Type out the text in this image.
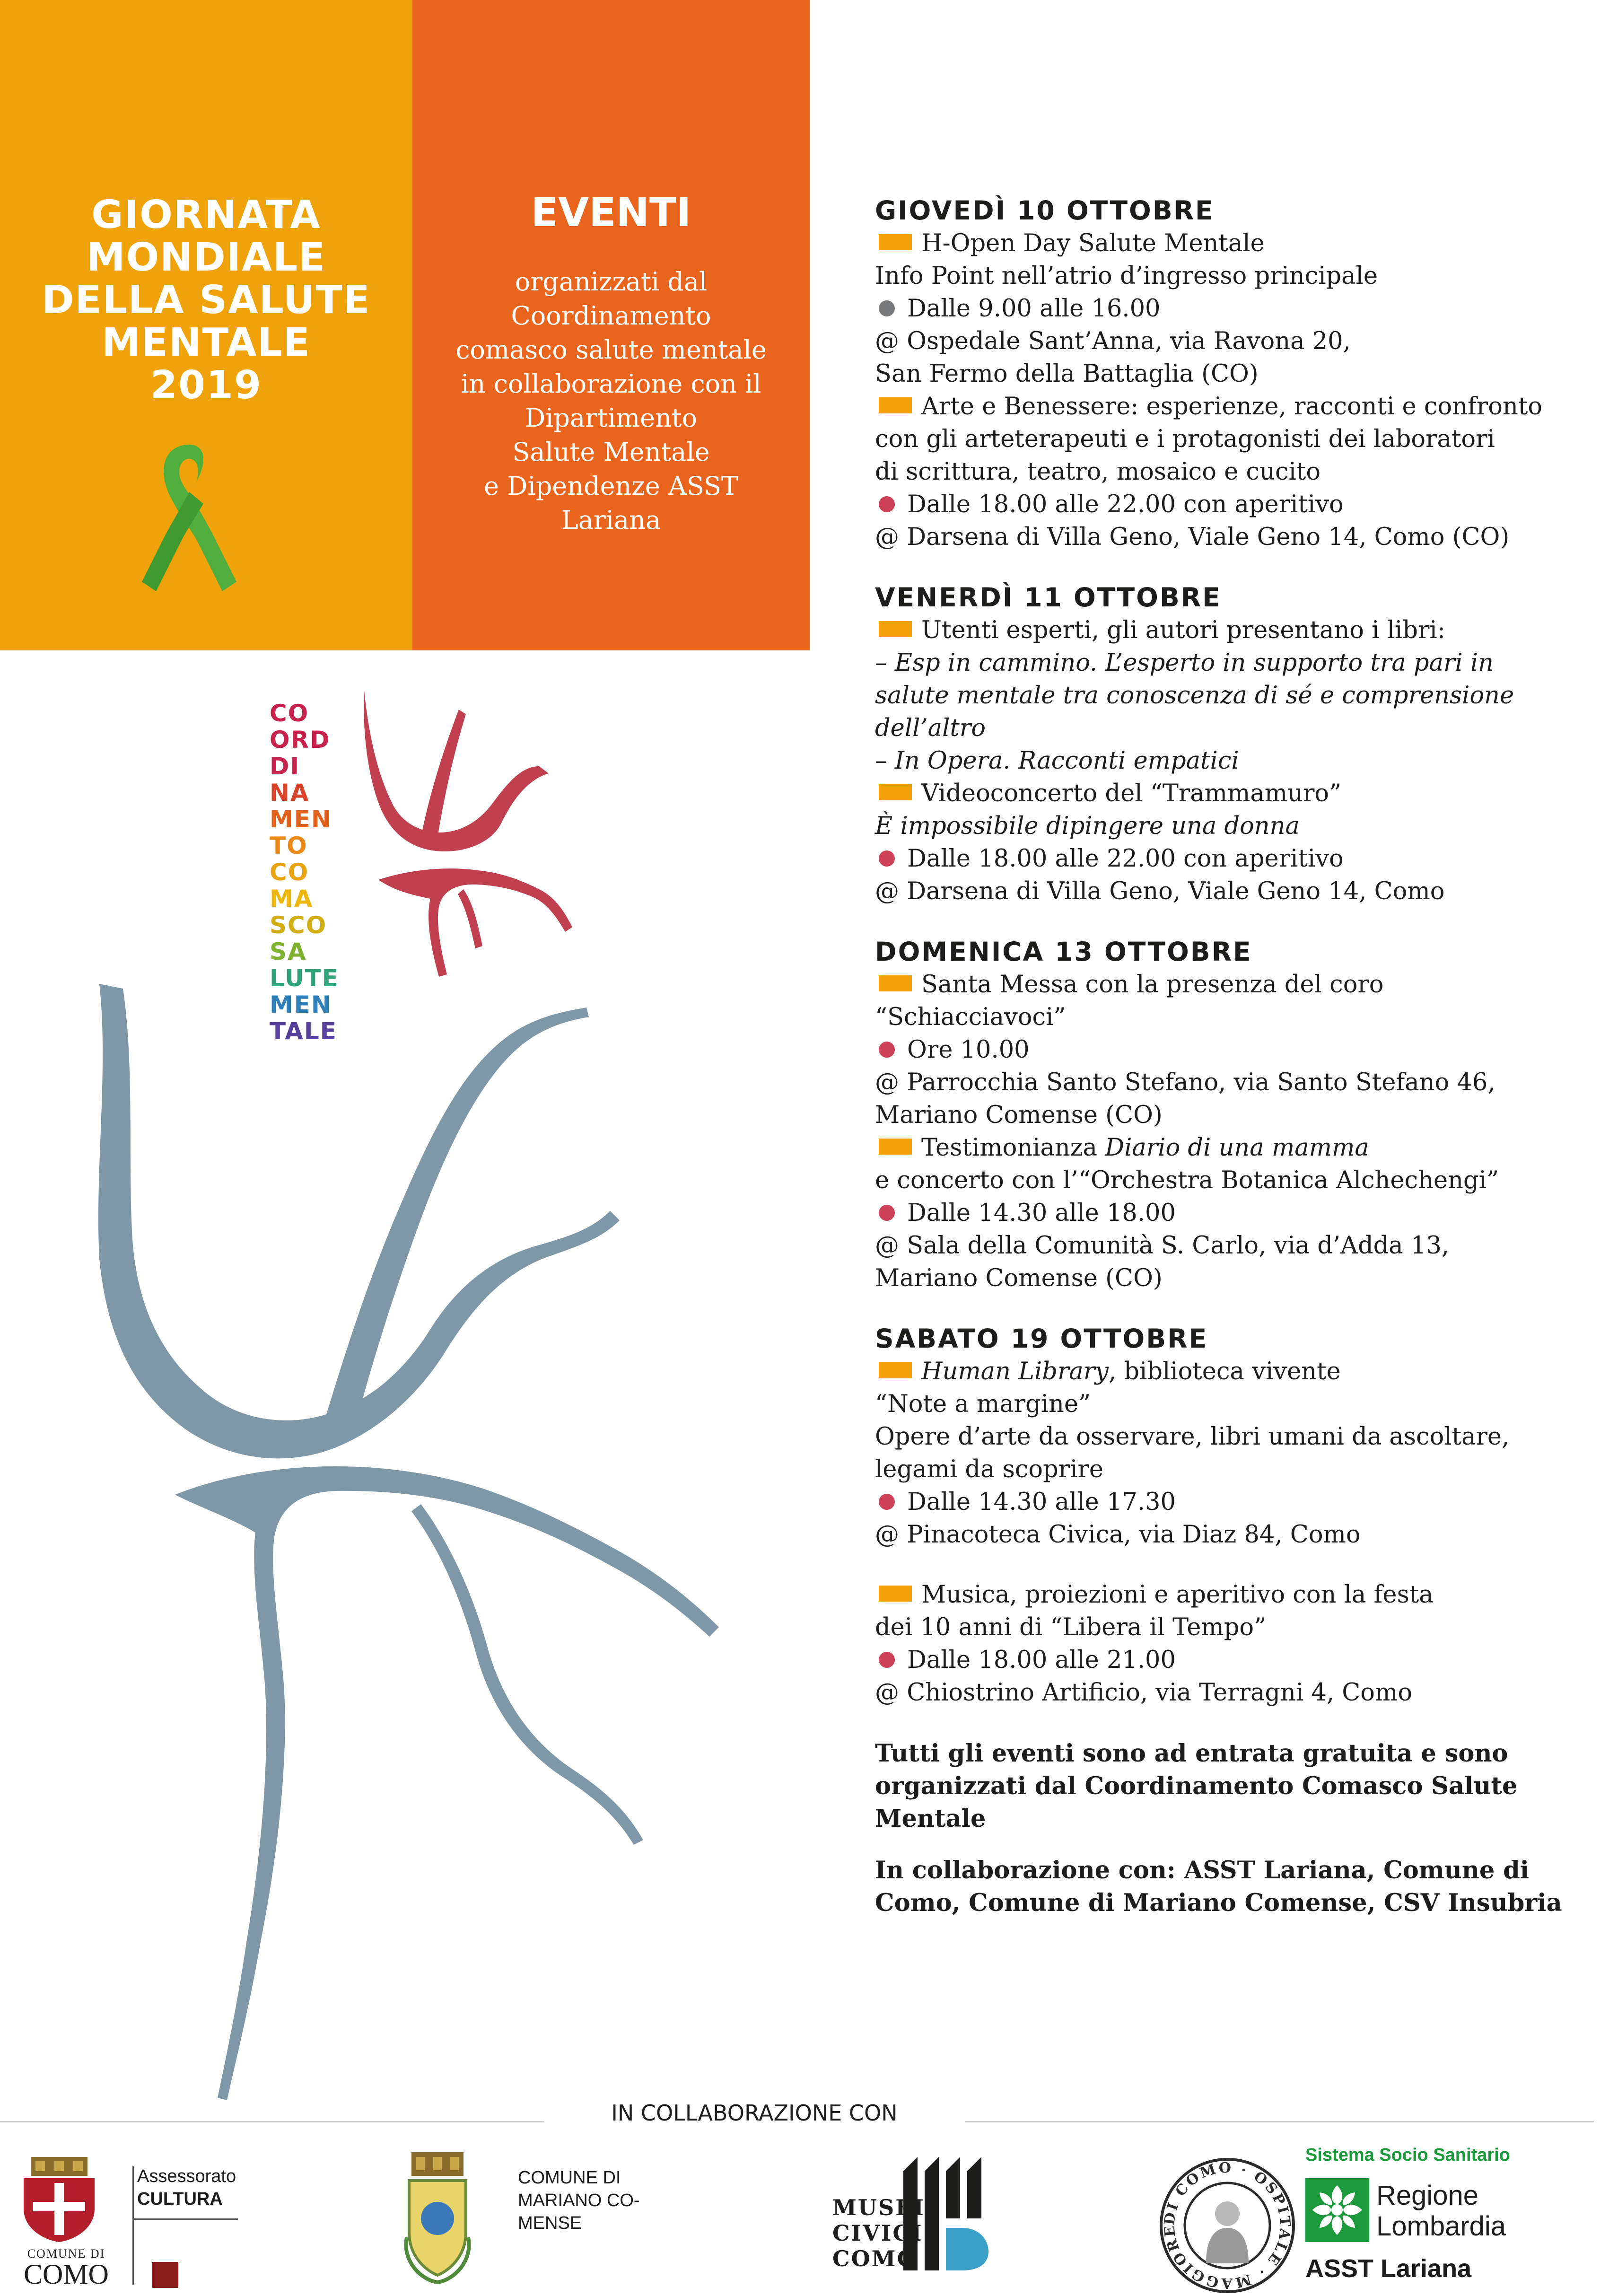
GIORNATA
MONDIALE
DELLA SALUTE
MENTALE
2019
EVENTI
organizzati dal
Coordinamento
comasco salute mentale
in collaborazione con il
Dipartimento
Salute Mentale
e Dipendenze ASST
Lariana
CO
ORD
DI
NA
MEN
TO
CO
MA
SCO
SA
LUTE
MEN
TALE
GIOVEDÌ 10 OTTOBRE
H-Open Day Salute Mentale
Info Point nell’atrio d’ingresso principale
Dalle 9.00 alle 16.00
@ Ospedale Sant’Anna, via Ravona 20,
San Fermo della Battaglia (CO)
Arte e Benessere: esperienze, racconti e confronto
con gli arteterapeuti e i protagonisti dei laboratori
di scrittura, teatro, mosaico e cucito
Dalle 18.00 alle 22.00 con aperitivo
@ Darsena di Villa Geno, Viale Geno 14, Como (CO)
VENERDÌ 11 OTTOBRE
Utenti esperti, gli autori presentano i libri:
– Esp in cammino. L’esperto in supporto tra pari in
salute mentale tra conoscenza di sé e comprensione
dell’altro
– In Opera. Racconti empatici
Videoconcerto del “Trammamuro”
È impossibile dipingere una donna
Dalle 18.00 alle 22.00 con aperitivo
@ Darsena di Villa Geno, Viale Geno 14, Como
DOMENICA 13 OTTOBRE
Santa Messa con la presenza del coro
“Schiacciavoci”
Ore 10.00
@ Parrocchia Santo Stefano, via Santo Stefano 46,
Mariano Comense (CO)
Testimonianza Diario di una mamma
e concerto con l’“Orchestra Botanica Alchechengi”
Dalle 14.30 alle 18.00
@ Sala della Comunità S. Carlo, via d’Adda 13,
Mariano Comense (CO)
SABATO 19 OTTOBRE
Human Library, biblioteca vivente
“Note a margine”
Opere d’arte da osservare, libri umani da ascoltare,
legami da scoprire
Dalle 14.30 alle 17.30
@ Pinacoteca Civica, via Diaz 84, Como
Musica, proiezioni e aperitivo con la festa
dei 10 anni di “Libera il Tempo”
Dalle 18.00 alle 21.00
@ Chiostrino Artificio, via Terragni 4, Como

Tutti gli eventi sono ad entrata gratuita e sono
organizzati dal Coordinamento Comasco Salute
Mentale

In collaborazione con: ASST Lariana, Comune di
Como, Comune di Mariano Comense, CSV Insubria

IN COLLABORAZIONE CON
COMUNE DI
COMO
Assessorato
CULTURA
COMUNE DI
MARIANO CO-
MENSE
MUSEI
CIVICI
COMO
DI COMO · OSPITALE · MAGGIORE
Sistema Socio Sanitario
Regione
Lombardia
ASST Lariana
